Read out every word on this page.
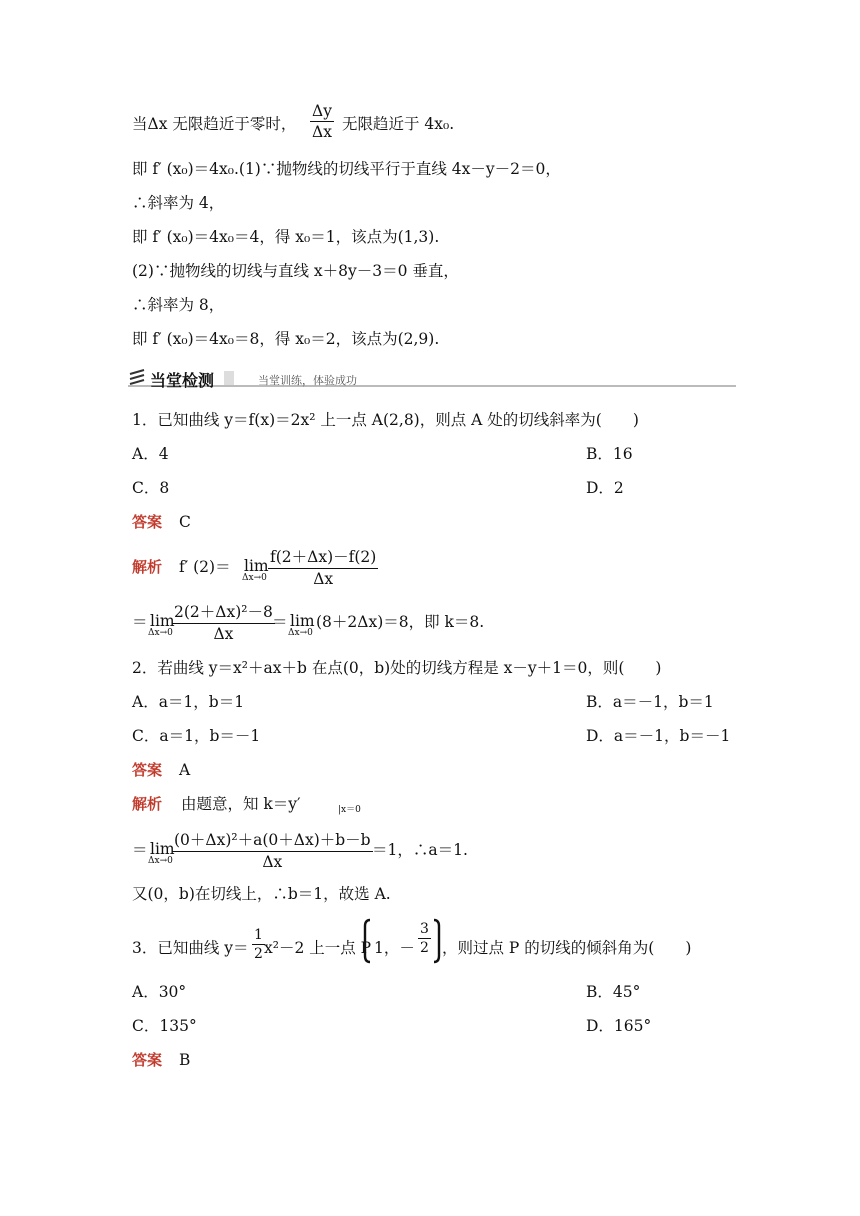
当Δx 无限趋近于零时， $\frac{\Delta y}{\Delta x}$ 无限趋近于 4x₀.
即 f′ (x₀)＝4x₀.(1)∵抛物线的切线平行于直线 4x－y－2＝0，
∴斜率为 4，
即 f′ (x₀)＝4x₀＝4，得 x₀＝1，该点为(1,3).
(2)∵抛物线的切线与直线 x＋8y－3＝0 垂直，
∴斜率为 8，
即 f′ (x₀)＝4x₀＝8，得 x₀＝2，该点为(2,9).
当堂检测	当堂训练，体验成功
1．已知曲线 y＝f(x)＝2x² 上一点 A(2,8)，则点 A 处的切线斜率为(　　)
A．4	B．16
C．8	D．2
答案 C
解析 f′ (2)＝ lim
$\Delta x\to 0 \frac{f(2+\Delta x)-f(2)}{\Delta x}$
＝ lim
$\Delta x\to 0 \frac{\text{2(2＋Δx)²－8}}{\Delta x}$
＝ lim
Δx→0
(8＋2Δx)＝8，即 k＝8.
2．若曲线 y＝x²＋ax＋b 在点(0，b)处的切线方程是 x－y＋1＝0，则(　　)
A．a＝1，b＝1	B．a＝－1，b＝1
C．a＝1，b＝－1	D．a＝－1，b＝－1
答案 A
解析 由题意，知 k＝y′	|x＝0
＝ lim
$\Delta x\to 0 \frac{\text{(0＋Δx)²＋a(0＋Δx)＋b－b}}{\Delta x} =1$，∴a＝1.
又(0，b)在切线上，∴b＝1，故选 A.
3．已知曲线 $y= \frac{1}{2} x^2-2$ 上一点 P 1，－ $\frac{3}{2}$ ，则过点 P 的切线的倾斜角为(　　)
A．30°	B．45°
C．135°	D．165°
答案 B
